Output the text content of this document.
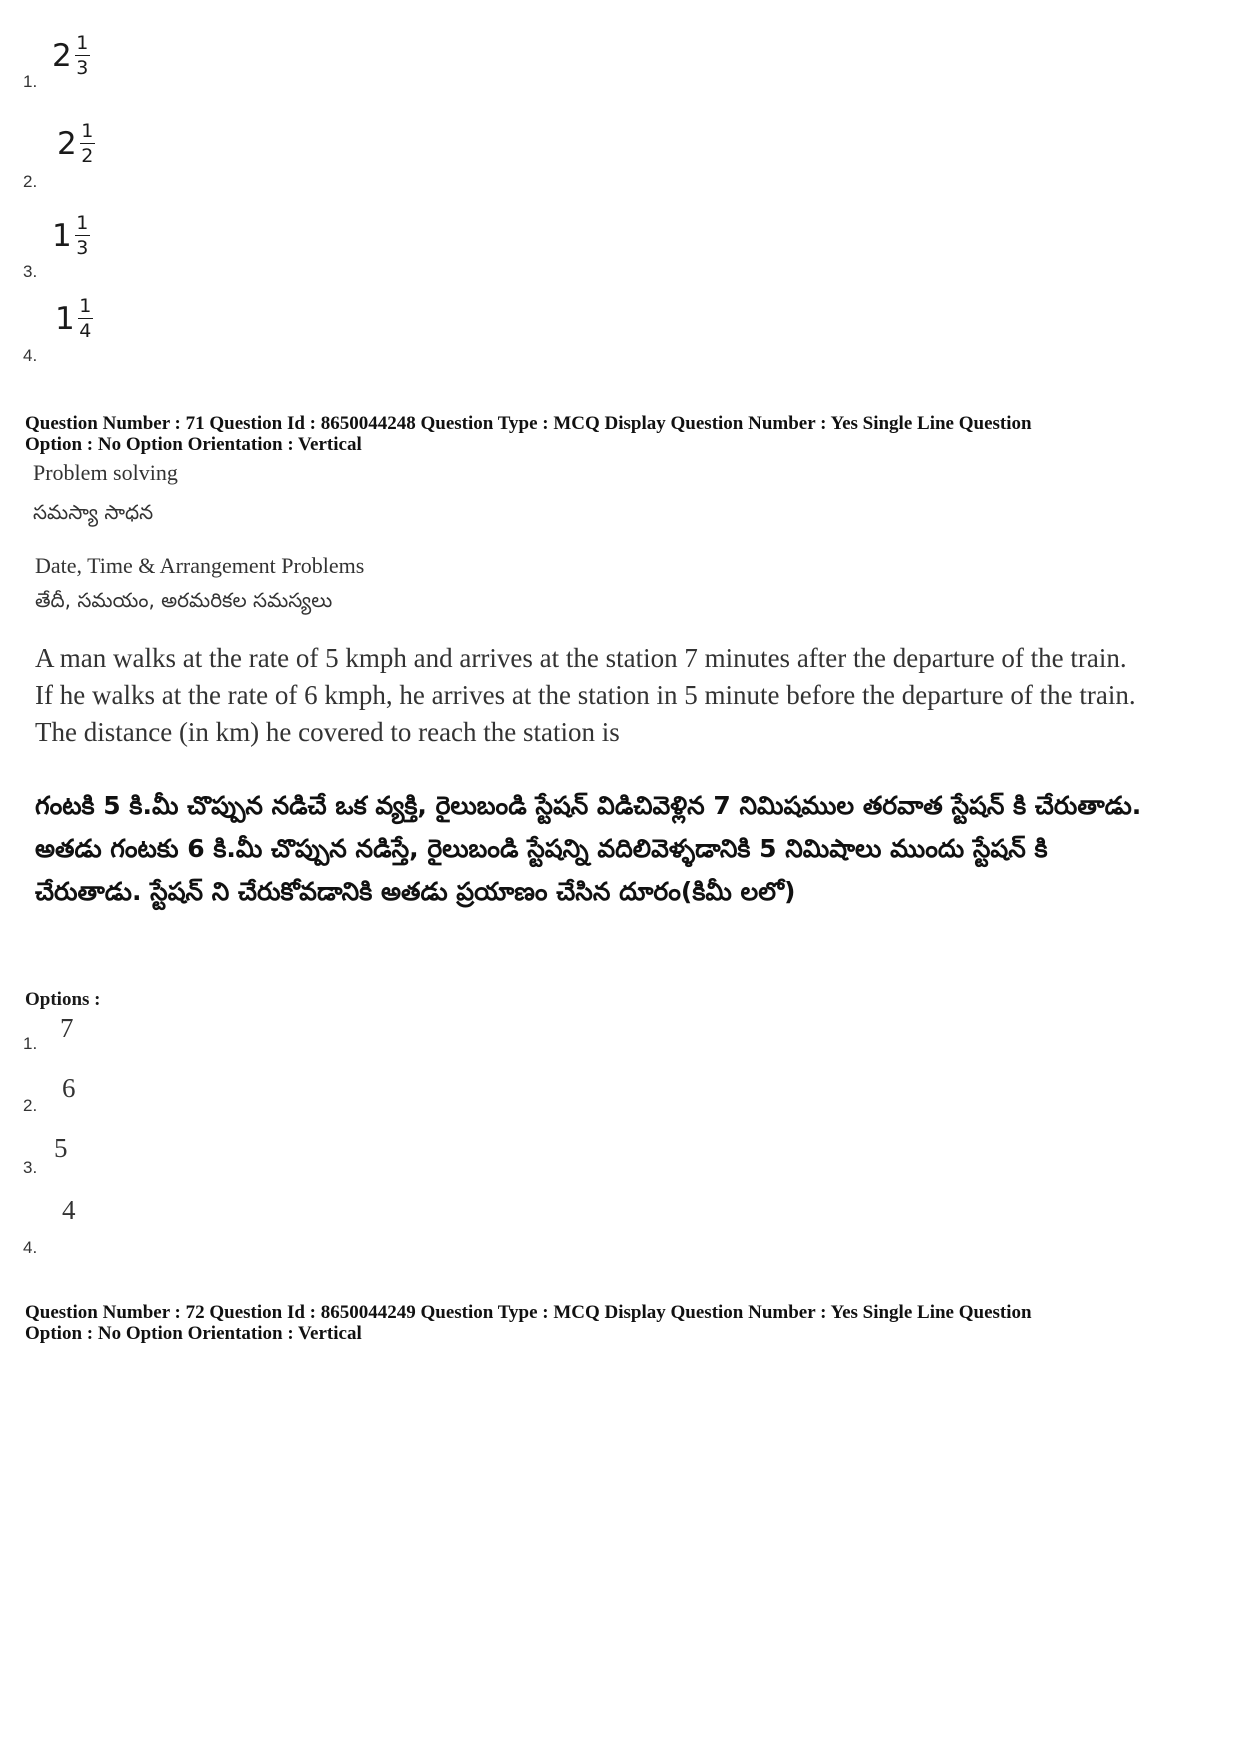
1.
$2 \frac{1}{3}$
2.
$2 \frac{1}{2}$
3.
$1 \frac{1}{3}$
4.
$1 \frac{1}{4}$
Question Number : 71 Question Id : 8650044248 Question Type : MCQ Display Question Number : Yes Single Line Question
Option : No Option Orientation : Vertical
Problem solving
సమస్యా సాధన
Date, Time & Arrangement Problems
తేదీ, సమయం, అరమరికల సమస్యలు
A man walks at the rate of 5 kmph and arrives at the station 7 minutes after the departure of the train. If he walks at the rate of 6 kmph, he arrives at the station in 5 minute before the departure of the train. The distance (in km) he covered to reach the station is
గంటకి 5 కి.మీ చొప్పున నడిచే ఒక వ్యక్తి, రైలుబండి స్టేషన్ విడిచివెళ్లిన 7 నిమిషముల తరవాత స్టేషన్ కి చేరుతాడు. అతడు గంటకు 6 కి.మీ చొప్పున నడిస్తే, రైలుబండి స్టేషన్ని వదిలివెళ్ళడానికి 5 నిమిషాలు ముందు స్టేషన్ కి చేరుతాడు. స్టేషన్ ని చేరుకోవడానికి అతడు ప్రయాణం చేసిన దూరం(కిమీ లలో)
Options :
1.
7
2.
6
3.
5
4.
4
Question Number : 72 Question Id : 8650044249 Question Type : MCQ Display Question Number : Yes Single Line Question
Option : No Option Orientation : Vertical
